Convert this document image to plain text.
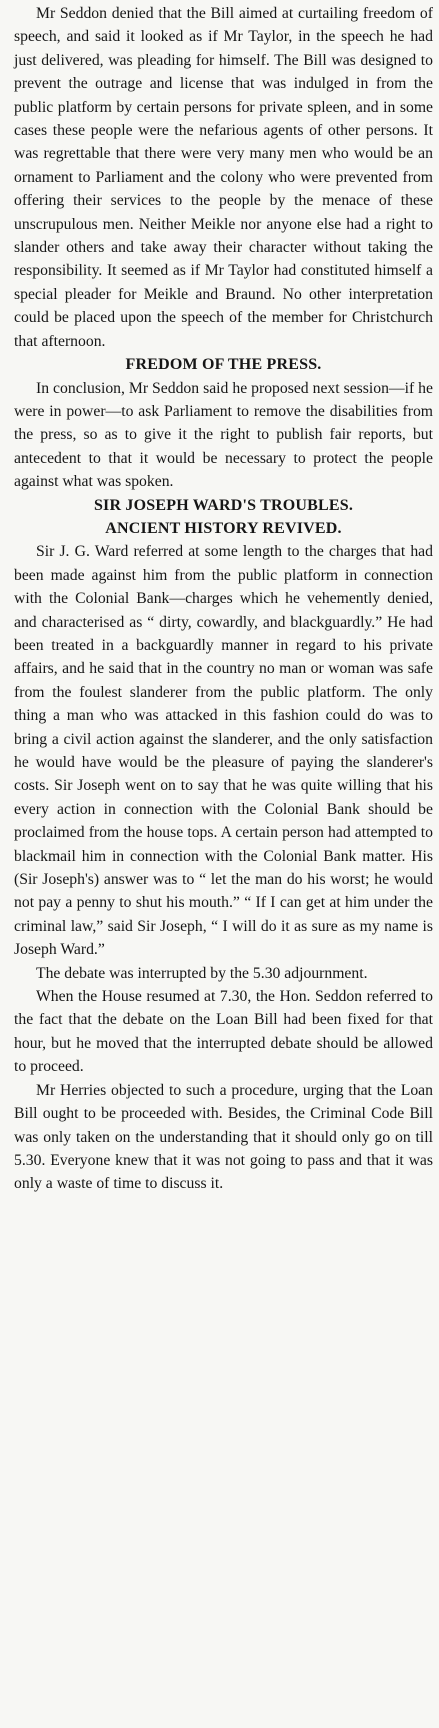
Mr Seddon denied that the Bill aimed at curtailing freedom of speech, and said it looked as if Mr Taylor, in the speech he had just delivered, was pleading for himself. The Bill was designed to prevent the outrage and license that was indulged in from the public platform by certain persons for private spleen, and in some cases these people were the nefarious agents of other persons. It was regrettable that there were very many men who would be an ornament to Parliament and the colony who were prevented from offering their services to the people by the menace of these unscrupulous men. Neither Meikle nor anyone else had a right to slander others and take away their character without taking the responsibility. It seemed as if Mr Taylor had constituted himself a special pleader for Meikle and Braund. No other interpretation could be placed upon the speech of the member for Christchurch that afternoon.

FREDOM OF THE PRESS.

In conclusion, Mr Seddon said he proposed next session—if he were in power—to ask Parliament to remove the disabilities from the press, so as to give it the right to publish fair reports, but antecedent to that it would be necessary to protect the people against what was spoken.

SIR JOSEPH WARD'S TROUBLES.
ANCIENT HISTORY REVIVED.

Sir J. G. Ward referred at some length to the charges that had been made against him from the public platform in connection with the Colonial Bank—charges which he vehemently denied, and characterised as “ dirty, cowardly, and blackguardly.” He had been treated in a backguardly manner in regard to his private affairs, and he said that in the country no man or woman was safe from the foulest slanderer from the public platform. The only thing a man who was attacked in this fashion could do was to bring a civil action against the slanderer, and the only satisfaction he would have would be the pleasure of paying the slanderer's costs. Sir Joseph went on to say that he was quite willing that his every action in connection with the Colonial Bank should be proclaimed from the house tops. A certain person had attempted to blackmail him in connection with the Colonial Bank matter. His (Sir Joseph's) answer was to “ let the man do his worst; he would not pay a penny to shut his mouth.” “ If I can get at him under the criminal law,” said Sir Joseph, “ I will do it as sure as my name is Joseph Ward.”

The debate was interrupted by the 5.30 adjournment.

When the House resumed at 7.30, the Hon. Seddon referred to the fact that the debate on the Loan Bill had been fixed for that hour, but he moved that the interrupted debate should be allowed to proceed.

Mr Herries objected to such a procedure, urging that the Loan Bill ought to be proceeded with. Besides, the Criminal Code Bill was only taken on the understanding that it should only go on till 5.30. Everyone knew that it was not going to pass and that it was only a waste of time to discuss it.
